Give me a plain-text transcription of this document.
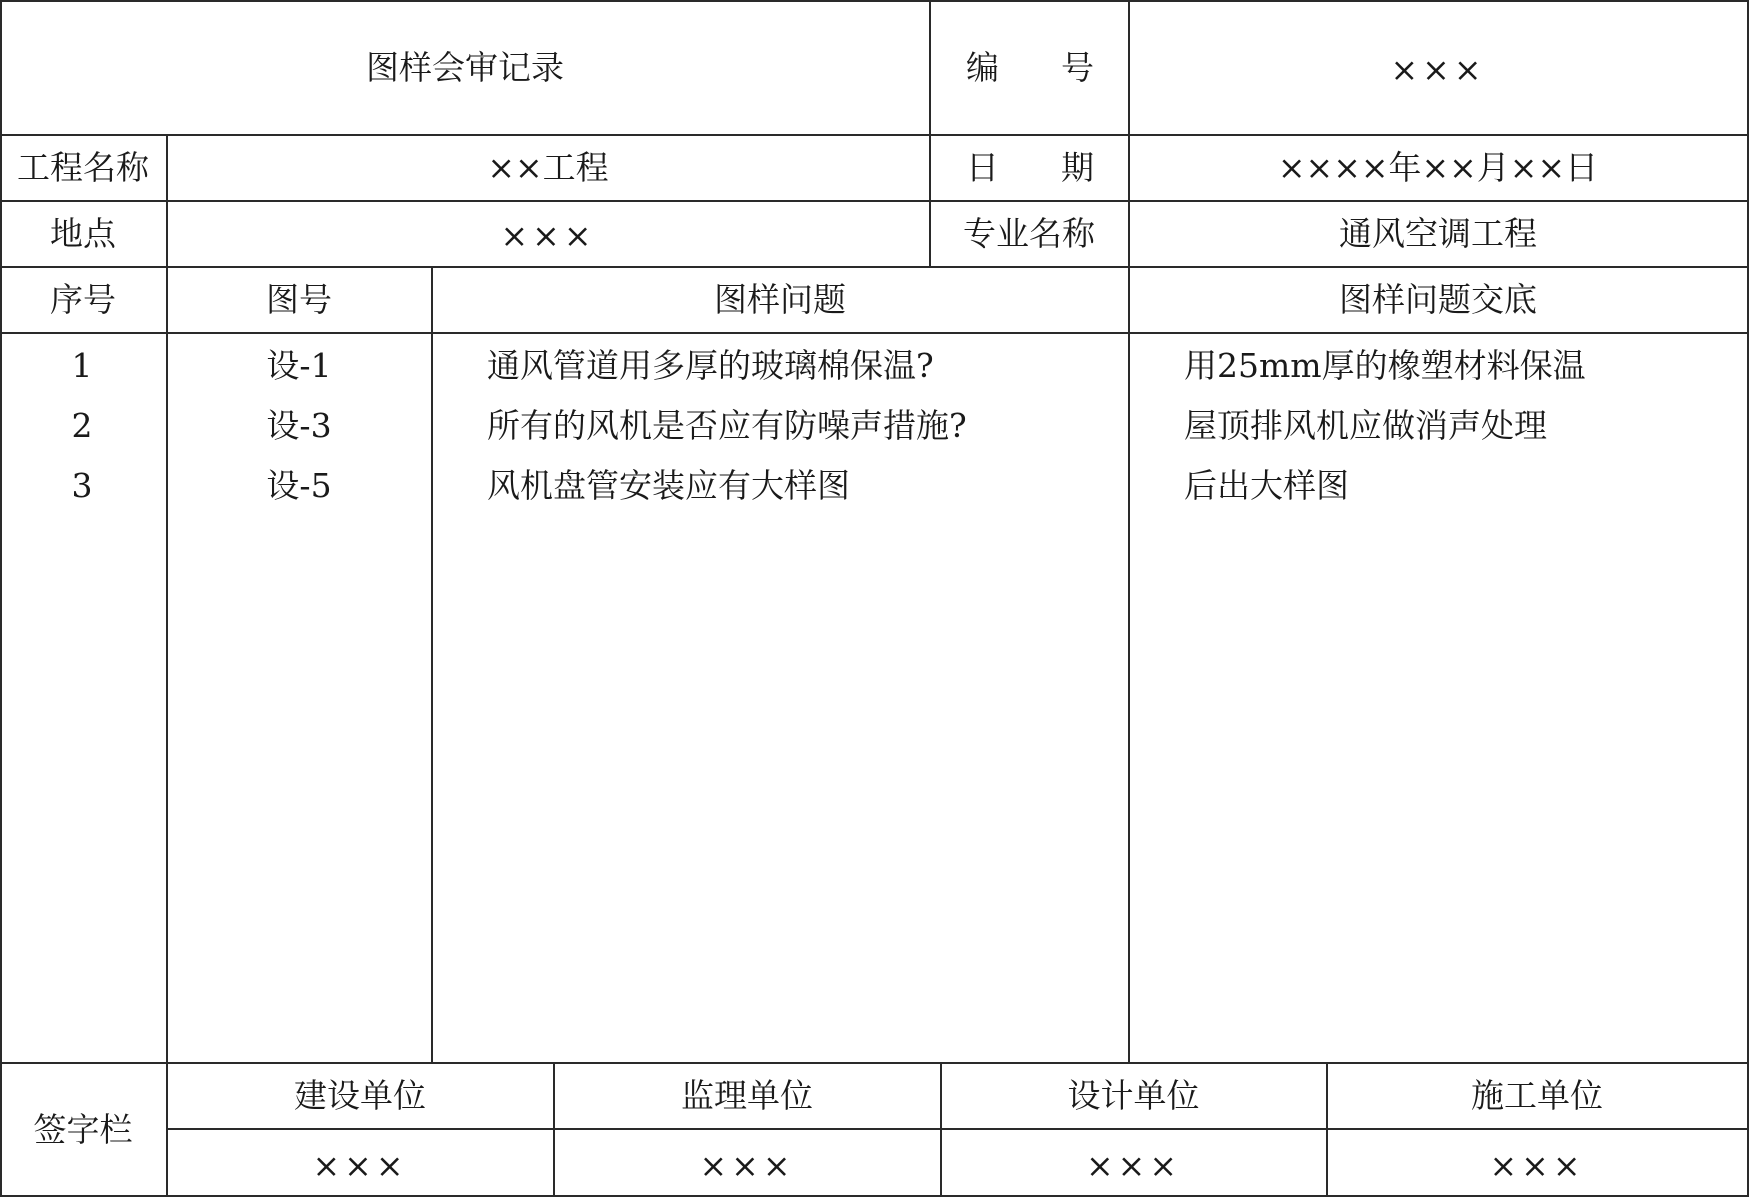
图样会审记录	编 号	×××
工程名称	××工程	日 期	××××年××月××日
地点	×××	专业名称	通风空调工程
序号	图号	图样问题	图样问题交底
1	设-1	通风管道用多厚的玻璃棉保温?	用25mm厚的橡塑材料保温
2	设-3	所有的风机是否应有防噪声措施?	屋顶排风机应做消声处理
3	设-5	风机盘管安装应有大样图	后出大样图
签字栏
建设单位	监理单位	设计单位	施工单位
×××	×××	×××	×××
